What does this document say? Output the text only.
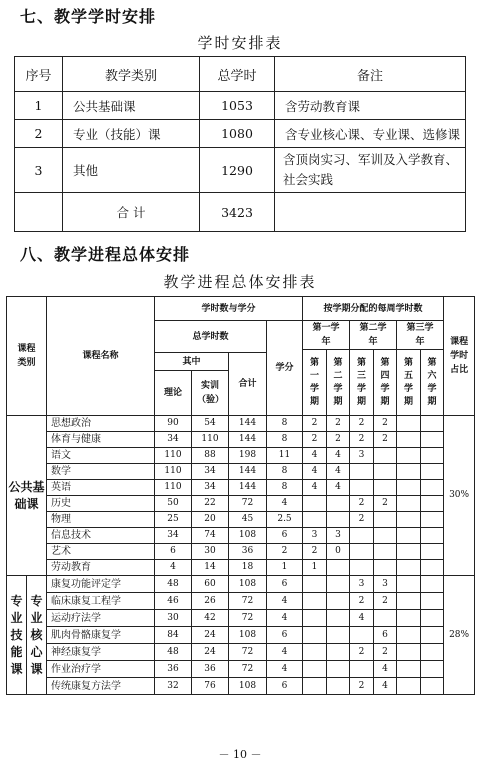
七、教学学时安排
学时安排表
序号	教学类别	总学时	备注
1	公共基础课	1053	含劳动教育课
2	专业（技能）课	1080	含专业核心课、专业课、选修课
3	其他	1290	含顶岗实习、军训及入学教育、社会实践
	合 计	3423	
八、教学进程总体安排
教学进程总体安排表
课程类别		课程名称	学时数与学分				按学期分配的每周学时数						课程学时占比
			总学时数			学分	第一学年		第二学年		第三学年		
							第一学期	第二学期	第三学期	第四学期	第五学期	第六学期	
			其中		合计								
			理论	实训（验）									
公共基础课		思想政治	90	54	144	8	2	2	2	2			30%
		体育与健康	34	110	144	8	2	2	2	2			
		语文	110	88	198	11	4	4	3				
		数学	110	34	144	8	4	4					
		英语	110	34	144	8	4	4					
		历史	50	22	72	4			2	2			
		物理	25	20	45	2.5			2				
		信息技术	34	74	108	6	3	3					
		艺术	6	30	36	2	2	0					
		劳动教育	4	14	18	1	1						
专业技能课	专业核心课	康复功能评定学	48	60	108	6			3	3			28%
		临床康复工程学	46	26	72	4			2	2			
		运动疗法学	30	42	72	4			4				
		肌肉骨骼康复学	84	24	108	6				6			
		神经康复学	48	24	72	4			2	2			
		作业治疗学	36	36	72	4				4			
		传统康复方法学	32	76	108	6			2	4			
－ 10 －
